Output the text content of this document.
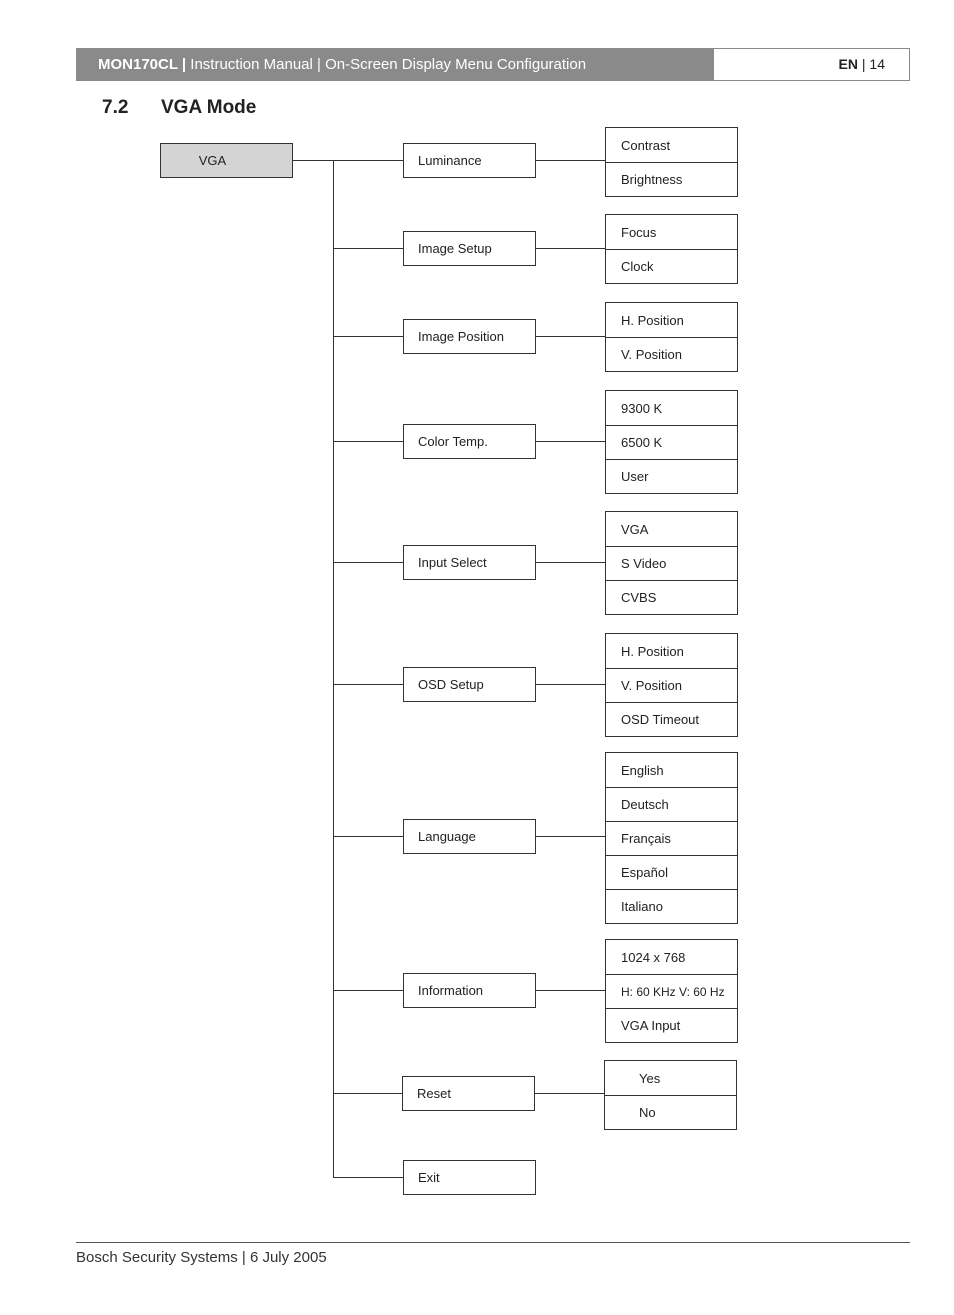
MON170CL | Instruction Manual | On-Screen Display Menu Configuration	EN | 14
7.2 VGA Mode
VGA	Luminance
Contrast
Brightness
Image Setup
Focus
Clock
Image Position
H. Position
V. Position
Color Temp.
9300 K
6500 K
User
Input Select
VGA
S Video
CVBS
OSD Setup
H. Position
V. Position
OSD Timeout
Language
English
Deutsch
Français
Español
Italiano
Information
1024 x 768
H: 60 KHz V: 60 Hz
VGA Input
Reset
Yes
No
Exit
Bosch Security Systems | 6 July 2005
